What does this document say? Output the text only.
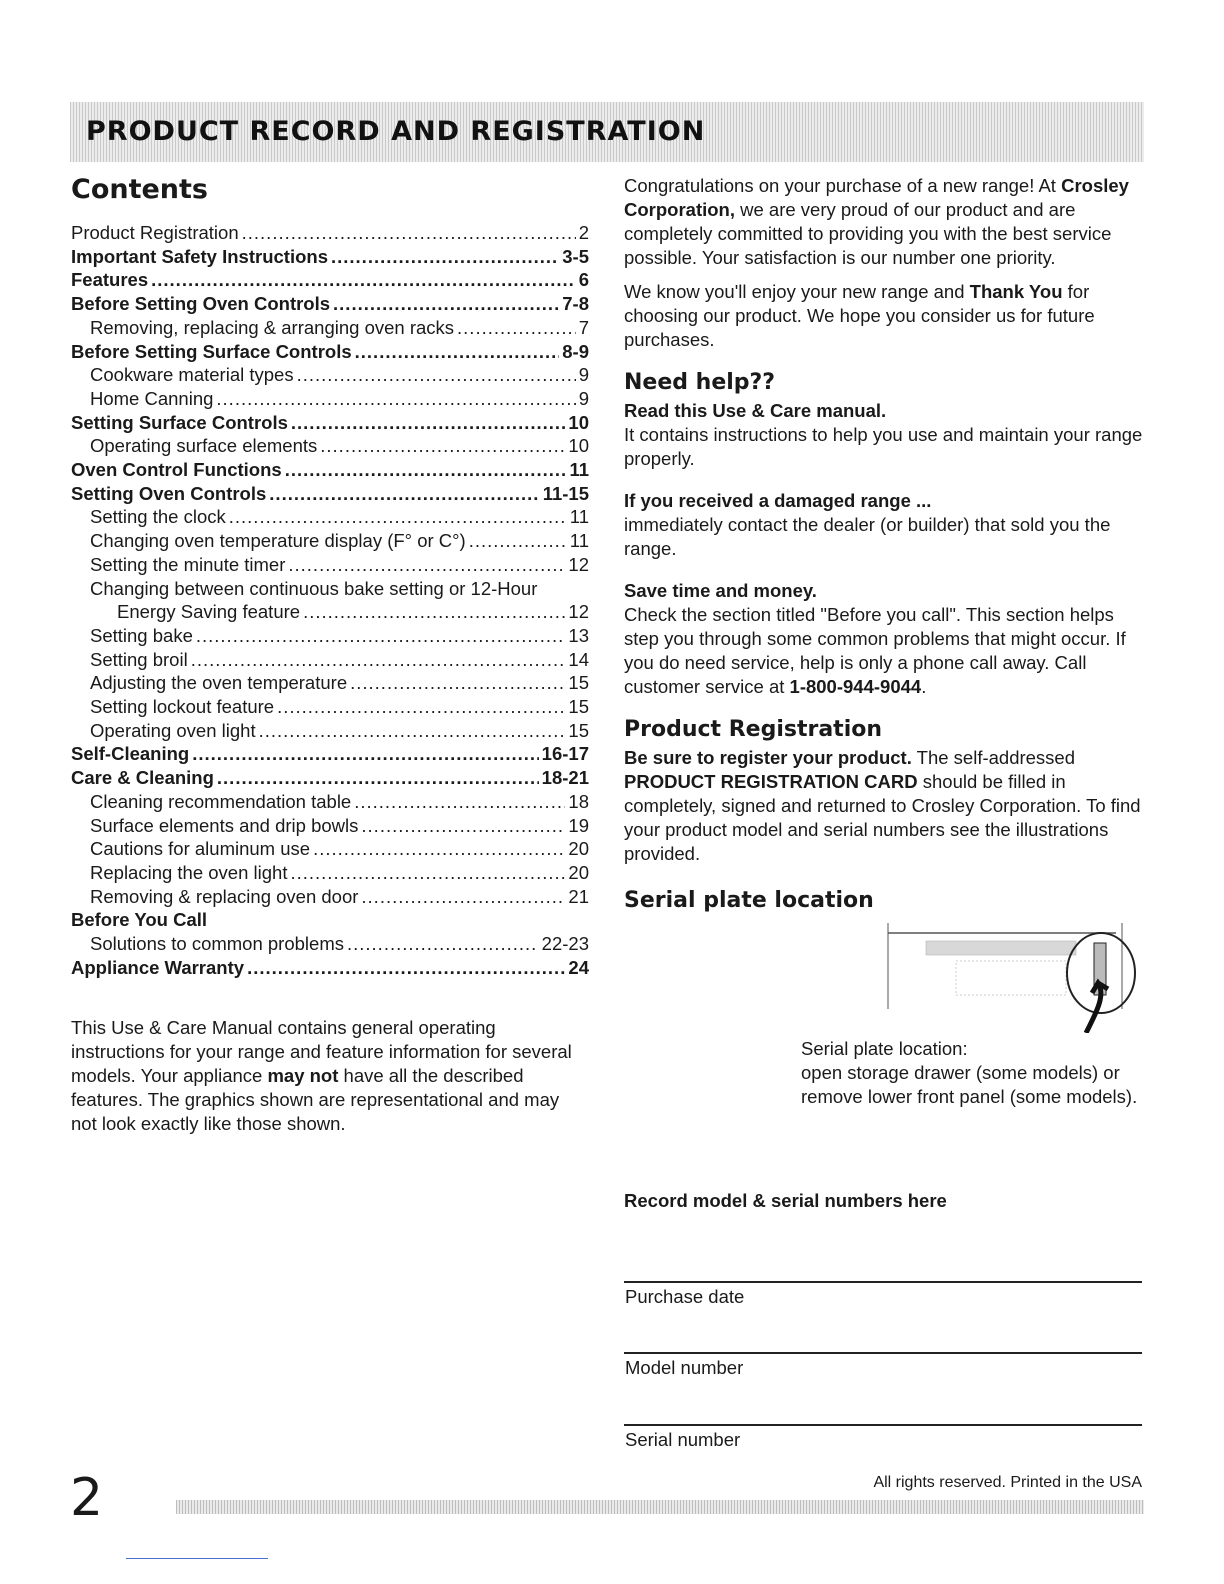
PRODUCT RECORD AND REGISTRATION
Contents
Product Registration .....	2
Important Safety Instructions .....	3-5
Features .....	6
Before Setting Oven Controls .....	7-8
Removing, replacing & arranging oven racks .....	7
Before Setting Surface Controls .....	8-9
Cookware material types .....	9
Home Canning .....	9
Setting Surface Controls .....	10
Operating surface elements .....	10
Oven Control Functions .....	11
Setting Oven Controls .....	11-15
Setting the clock .....	11
Changing oven temperature display (F° or C°) .....	11
Setting the minute timer .....	12
Changing between continuous bake setting or 12-Hour
Energy Saving feature .....	12
Setting bake .....	13
Setting broil .....	14
Adjusting the oven temperature .....	15
Setting lockout feature .....	15
Operating oven light .....	15
Self-Cleaning .....	16-17
Care & Cleaning .....	18-21
Cleaning recommendation table .....	18
Surface elements and drip bowls .....	19
Cautions for aluminum use .....	20
Replacing the oven light .....	20
Removing & replacing oven door .....	21
Before You Call
Solutions to common problems .....	22-23
Appliance Warranty .....	24
This Use & Care Manual contains general operating instructions for your range and feature information for several models. Your appliance may not have all the described features. The graphics shown are representational and may not look exactly like those shown.

Congratulations on your purchase of a new range! At Crosley Corporation, we are very proud of our product and are completely committed to providing you with the best service possible. Your satisfaction is our number one priority.

We know you'll enjoy your new range and Thank You for choosing our product. We hope you consider us for future purchases.

Need help??
Read this Use & Care manual.
It contains instructions to help you use and maintain your range properly.
If you received a damaged range ...
immediately contact the dealer (or builder) that sold you the range.
Save time and money.
Check the section titled "Before you call". This section helps step you through some common problems that might occur. If you do need service, help is only a phone call away. Call customer service at 1-800-944-9044.
Product Registration

Be sure to register your product. The self-addressed PRODUCT REGISTRATION CARD should be filled in completely, signed and returned to Crosley Corporation. To find your product model and serial numbers see the illustrations provided.

Serial plate location
Serial plate location:
open storage drawer (some models) or
remove lower front panel (some models).
Record model & serial numbers here
Purchase date
Model number
Serial number
2	All rights reserved. Printed in the USA
